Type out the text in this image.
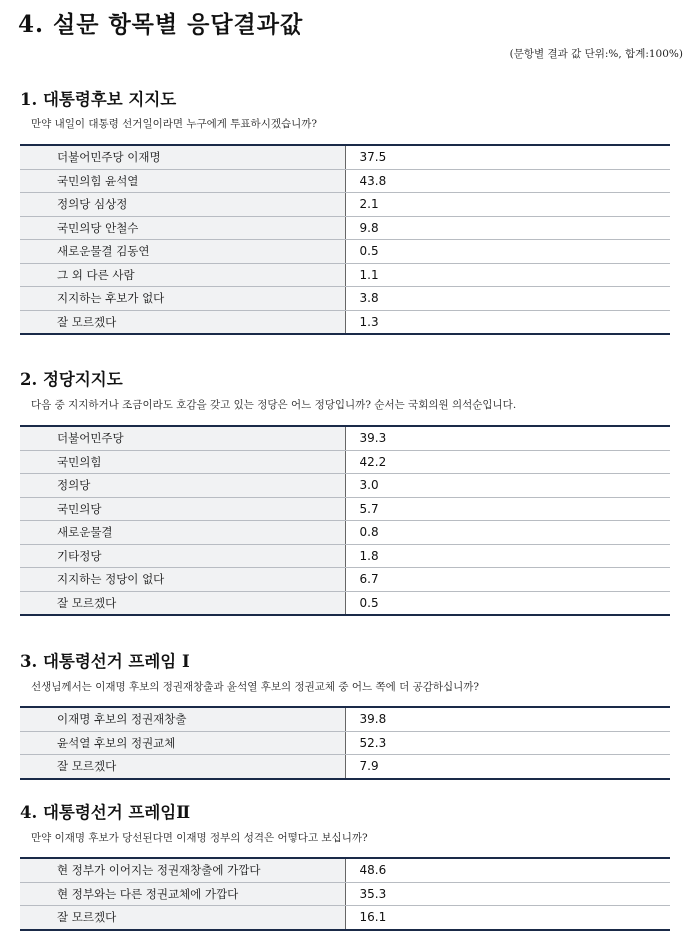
4. 설문 항목별 응답결과값
(문항별 결과 값 단위:%, 합계:100%)
1. 대통령후보 지지도
만약 내일이 대통령 선거일이라면 누구에게 투표하시겠습니까?
더불어민주당 이재명	37.5
국민의힘 윤석열	43.8
정의당 심상정	2.1
국민의당 안철수	9.8
새로운물결 김동연	0.5
그 외 다른 사람	1.1
지지하는 후보가 없다	3.8
잘 모르겠다	1.3
2. 정당지지도
다음 중 지지하거나 조금이라도 호감을 갖고 있는 정당은 어느 정당입니까? 순서는 국회의원 의석순입니다.
더불어민주당	39.3
국민의힘	42.2
정의당	3.0
국민의당	5.7
새로운물결	0.8
기타정당	1.8
지지하는 정당이 없다	6.7
잘 모르겠다	0.5
3. 대통령선거 프레임 I
선생님께서는 이재명 후보의 정권재창출과 윤석열 후보의 정권교체 중 어느 쪽에 더 공감하십니까?
이재명 후보의 정권재창출	39.8
윤석열 후보의 정권교체	52.3
잘 모르겠다	7.9
4. 대통령선거 프레임Ⅱ
만약 이재명 후보가 당선된다면 이재명 정부의 성격은 어떻다고 보십니까?
현 정부가 이어지는 정권재창출에 가깝다	48.6
현 정부와는 다른 정권교체에 가깝다	35.3
잘 모르겠다	16.1
